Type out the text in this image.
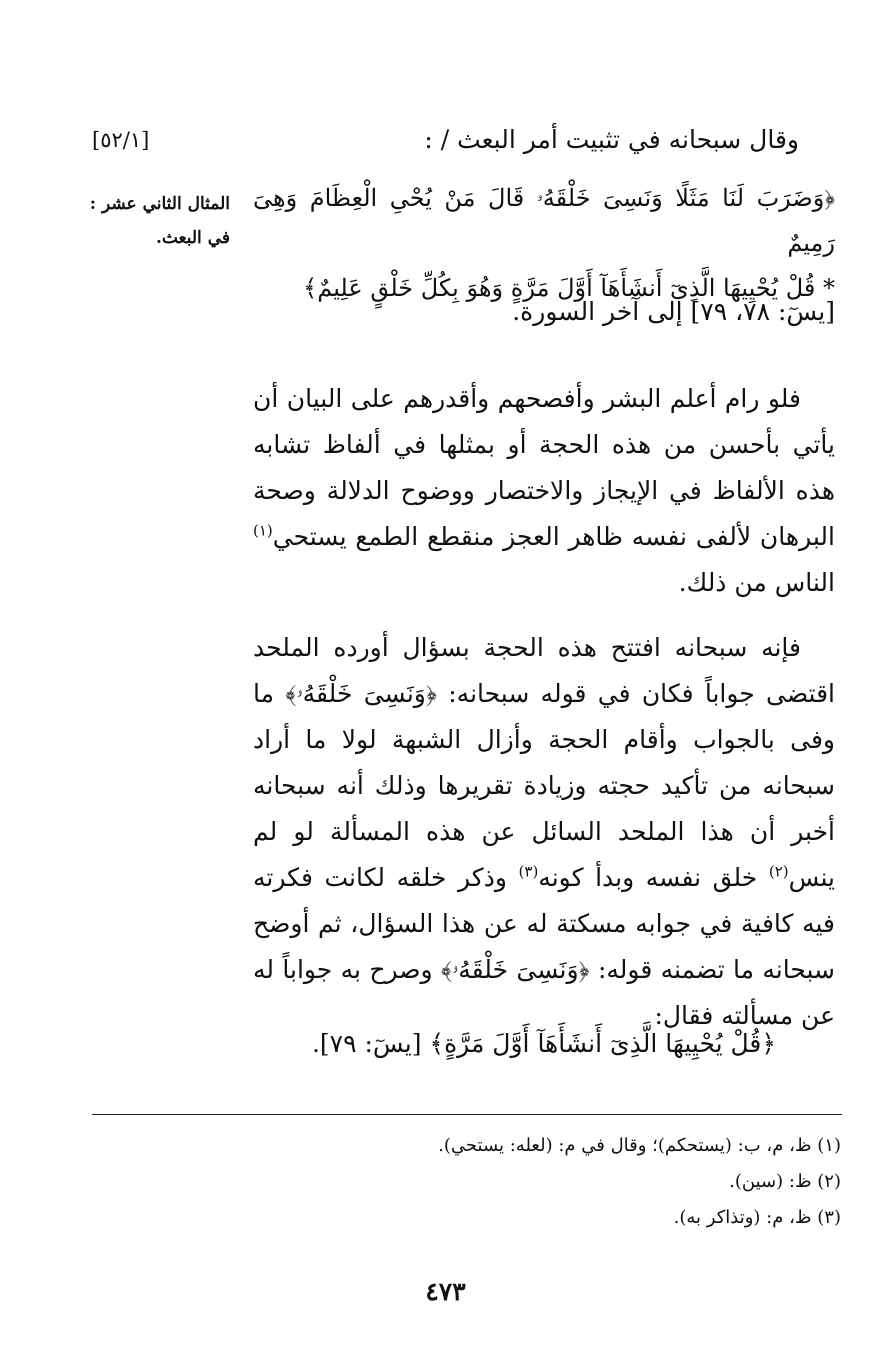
وقال سبحانه في تثبيت أمر البعث / :
[٥٢/١]
المثال الثاني عشر : في البعث.
﴿وَضَرَبَ لَنَا مَثَلًا وَنَسِىَ خَلْقَهُۥ قَالَ مَنْ يُحْىِ الْعِظَامَ وَهِىَ رَمِيمٌ
* قُلْ يُحْيِيهَا الَّذِىٓ أَنشَأَهَآ أَوَّلَ مَرَّةٍ وَهُوَ بِكُلِّ خَلْقٍ عَلِيمٌ﴾
[يسٓ: ٧٨، ٧٩] إلى آخر السورة.

فلو رام أعلم البشر وأفصحهم وأقدرهم على البيان أن يأتي بأحسن من هذه الحجة أو بمثلها في ألفاظ تشابه هذه الألفاظ في الإيجاز والاختصار ووضوح الدلالة وصحة البرهان لألفى نفسه ظاهر العجز منقطع الطمع يستحي$^{(١)}$ الناس من ذلك.

فإنه سبحانه افتتح هذه الحجة بسؤال أورده الملحد اقتضى جواباً فكان في قوله سبحانه: ﴿وَنَسِىَ خَلْقَهُۥ﴾ ما وفى بالجواب وأقام الحجة وأزال الشبهة لولا ما أراد سبحانه من تأكيد حجته وزيادة تقريرها وذلك أنه سبحانه أخبر أن هذا الملحد السائل عن هذه المسألة لو لم ينس$^{(٢)}$ خلق نفسه وبدأ كونه$^{(٣)}$ وذكر خلقه لكانت فكرته فيه كافية في جوابه مسكتة له عن هذا السؤال، ثم أوضح سبحانه ما تضمنه قوله: ﴿وَنَسِىَ خَلْقَهُۥ﴾ وصرح به جواباً له عن مسألته فقال:

﴿قُلْ يُحْيِيهَا الَّذِىٓ أَنشَأَهَآ أَوَّلَ مَرَّةٍ﴾ [يسٓ: ٧٩].
(١) ظ، م، ب: (يستحكم)؛ وقال في م: (لعله: يستحي).
(٢) ظ: (سين).
(٣) ظ، م: (وتذاكر به).
٤٧٣
